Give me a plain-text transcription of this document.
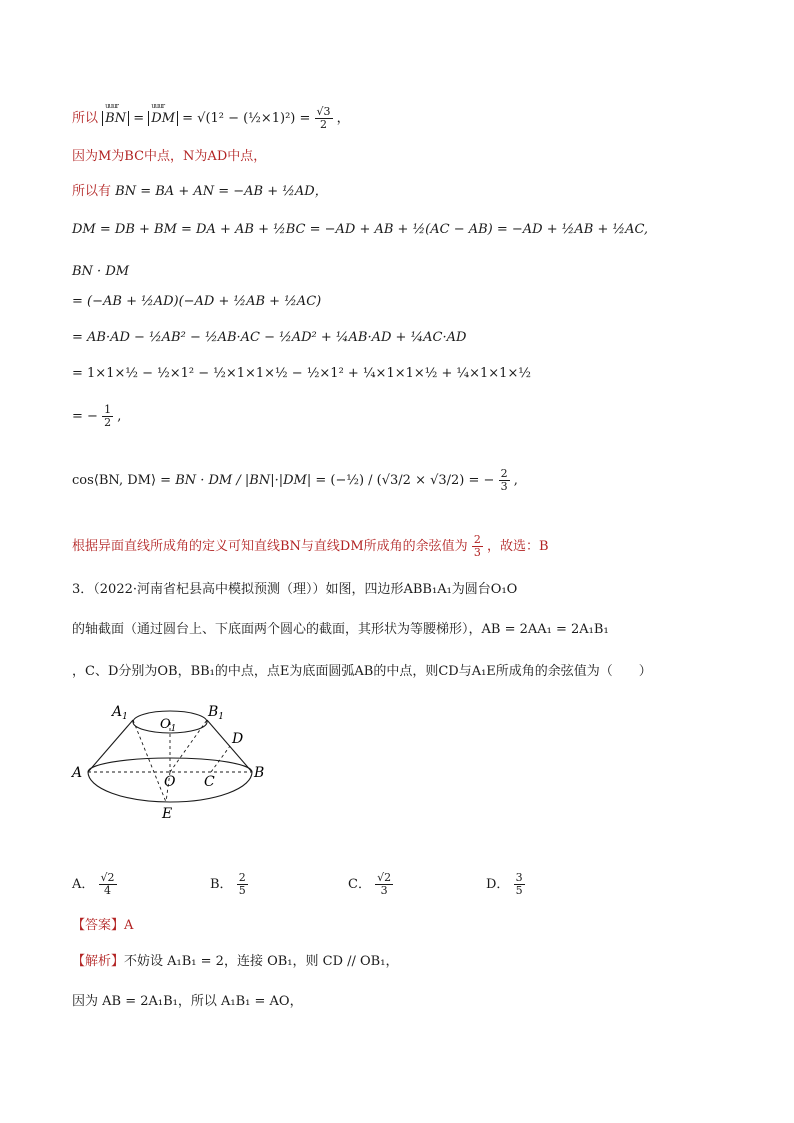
所以 uuur BN = uuur DM = √(1² − (½×1)²) = $\frac{√3}{2}$ ，
因为M为BC中点，N为AD中点，
所以有 BN = BA + AN = −AB + ½AD，
DM = DB + BM = DA + AB + ½BC = −AD + AB + ½(AC − AB) = −AD + ½AB + ½AC,
BN · DM
= (−AB + ½AD)(−AD + ½AB + ½AC)
= AB·AD − ½AB² − ½AB·AC − ½AD² + ¼AB·AD + ¼AC·AD
= 1×1×½ − ½×1² − ½×1×1×½ − ½×1² + ¼×1×1×½ + ¼×1×1×½
= − $\frac{1}{2}$ ,
cos⟨BN, DM⟩ = BN · DM / |BN|·|DM| = (−½) / (√3/2 × √3/2) = − $\frac{2}{3}$ ,
根据异面直线所成角的定义可知直线BN与直线DM所成角的余弦值为 $\frac{2}{3}$ ，故选：B
3．（2022·河南省杞县高中模拟预测（理））如图，四边形ABB₁A₁为圆台O₁O
的轴截面（通过圆台上、下底面两个圆心的截面，其形状为等腰梯形），AB = 2AA₁ = 2A₁B₁
，C、D分别为OB，BB₁的中点，点E为底面圆弧AB的中点，则CD与A₁E所成角的余弦值为（　　）
$A_1$	$B_1$
$O_1$
D
A
O C
B
E
A． $\frac{√2}{4}$	B． $\frac{2}{5}$	C． $\frac{√2}{3}$	D． $\frac{3}{5}$
【答案】A
【解析】不妨设 A₁B₁ = 2，连接 OB₁，则 CD // OB₁，
因为 AB = 2A₁B₁，所以 A₁B₁ = AO，
